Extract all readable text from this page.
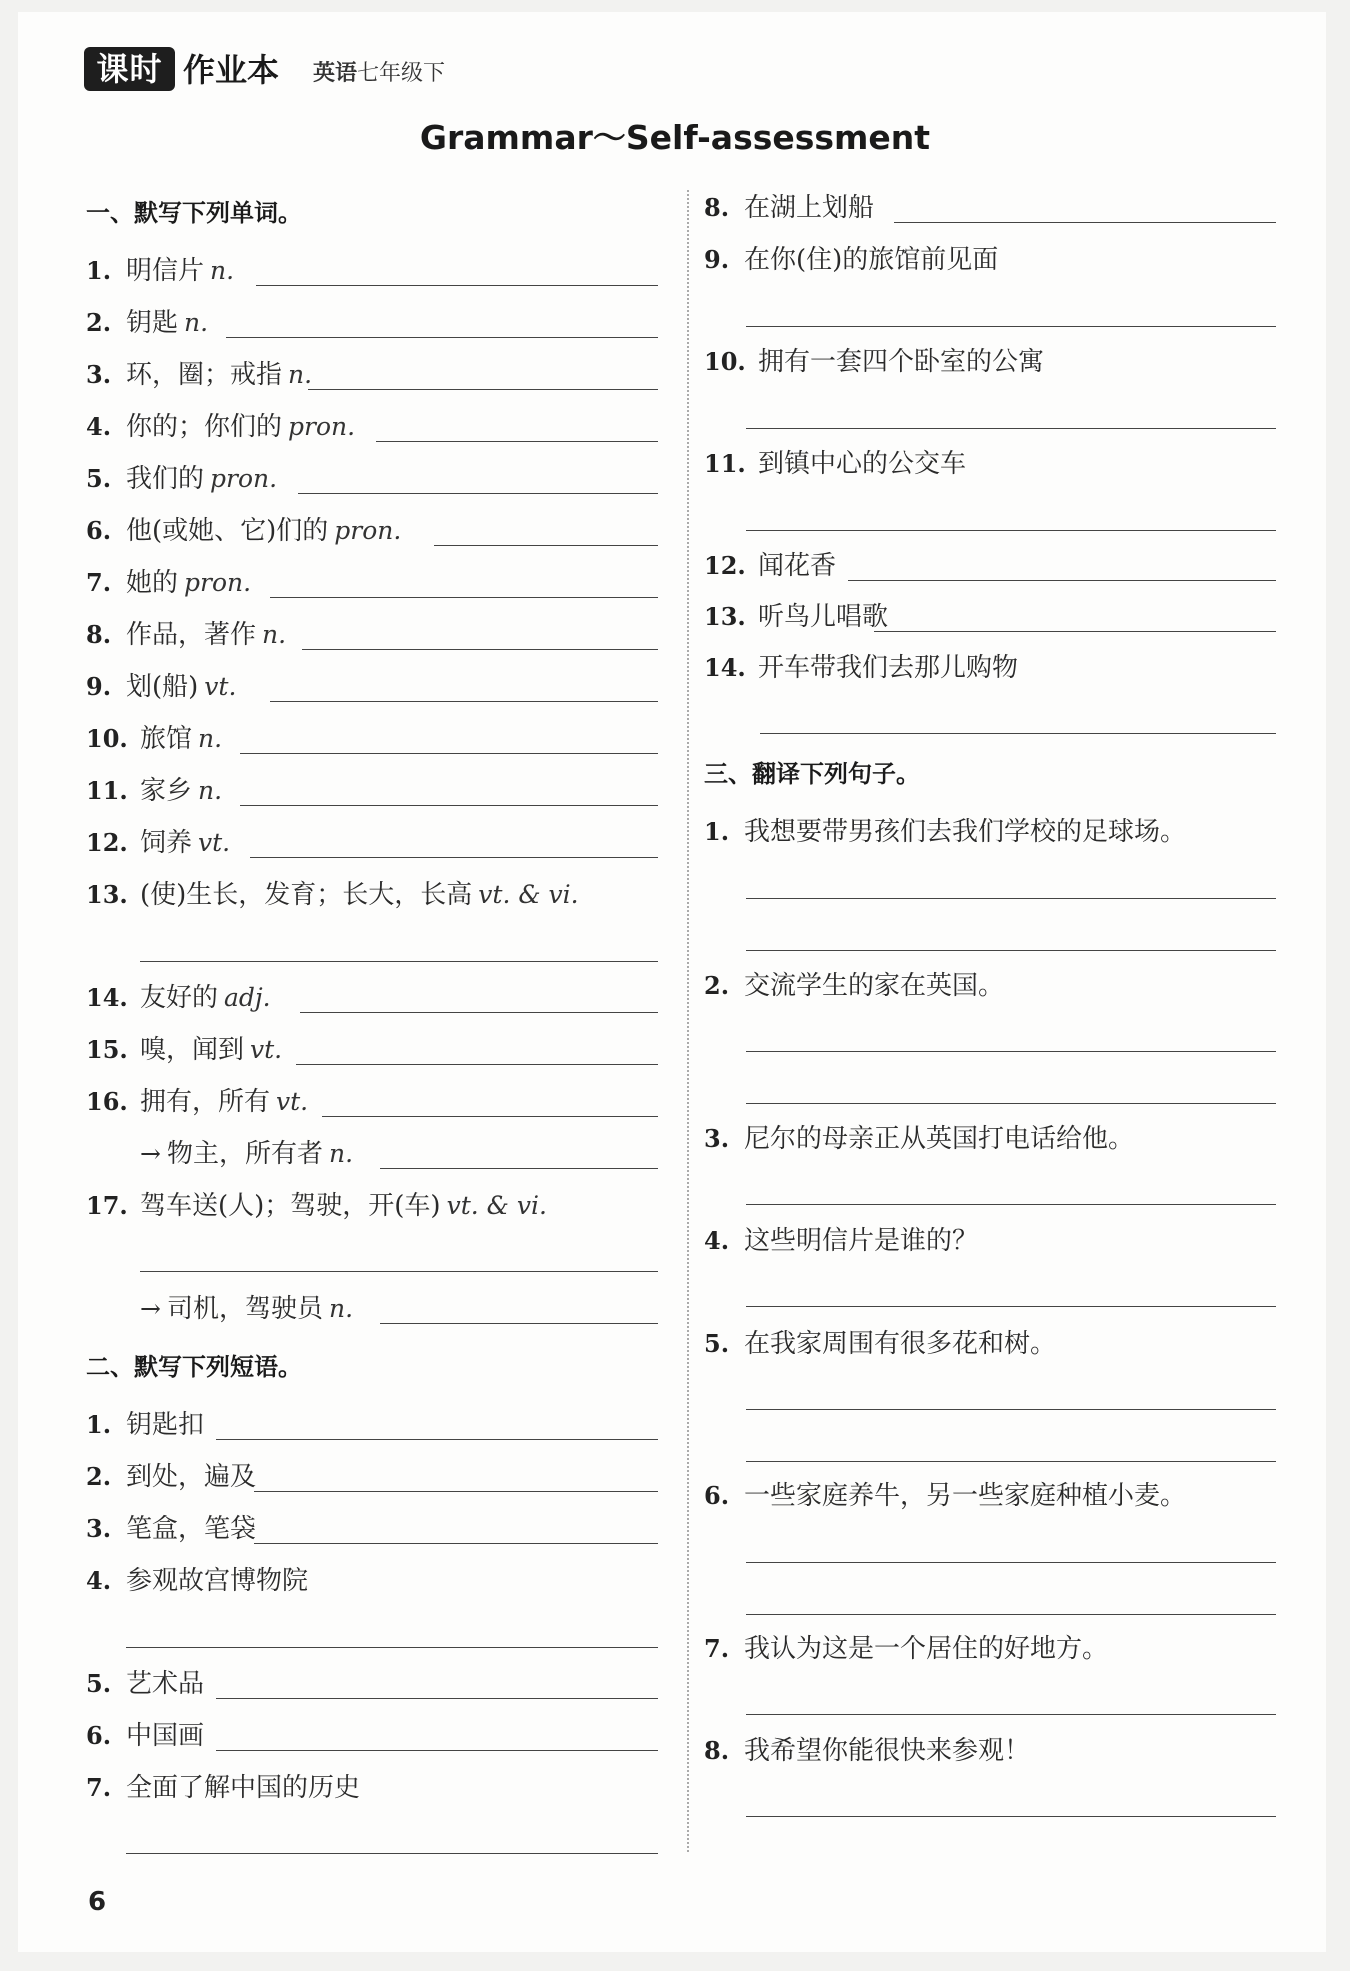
课时 作业本 英语七年级下
Grammar～Self-assessment
一、默写下列单词。
1. 明信片 n.
2. 钥匙 n.
3. 环，圈；戒指 n.
4. 你的；你们的 pron.
5. 我们的 pron.
6. 他(或她、它)们的 pron.
7. 她的 pron.
8. 作品，著作 n.
9. 划(船) vt.
10. 旅馆 n.
11. 家乡 n.
12. 饲养 vt.
13. (使)生长，发育；长大，长高 vt. & vi.
14. 友好的 adj.
15. 嗅，闻到 vt.
16. 拥有，所有 vt.
→ 物主，所有者 n.
17. 驾车送(人)；驾驶，开(车) vt. & vi.
→ 司机，驾驶员 n.
二、默写下列短语。
1. 钥匙扣
2. 到处，遍及
3. 笔盒，笔袋
4. 参观故宫博物院
5. 艺术品
6. 中国画
7. 全面了解中国的历史
8. 在湖上划船
9. 在你(住)的旅馆前见面
10. 拥有一套四个卧室的公寓
11. 到镇中心的公交车
12. 闻花香
13. 听鸟儿唱歌
14. 开车带我们去那儿购物
三、翻译下列句子。
1. 我想要带男孩们去我们学校的足球场。
2. 交流学生的家在英国。
3. 尼尔的母亲正从英国打电话给他。
4. 这些明信片是谁的？
5. 在我家周围有很多花和树。
6. 一些家庭养牛，另一些家庭种植小麦。
7. 我认为这是一个居住的好地方。
8. 我希望你能很快来参观！
6
